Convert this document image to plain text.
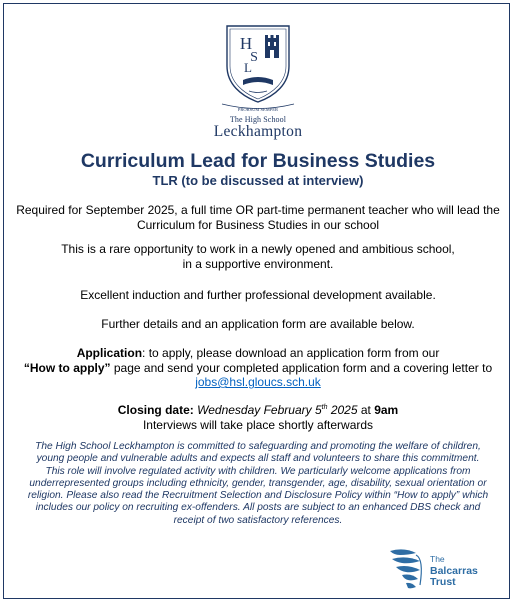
H
S
L
PRORSUM SEMPER
The High School
Leckhampton
Curriculum Lead for Business Studies
TLR (to be discussed at interview)
Required for September 2025, a full time OR part-time permanent teacher who will lead the
Curriculum for Business Studies in our school
This is a rare opportunity to work in a newly opened and ambitious school,
in a supportive environment.
Excellent induction and further professional development available.
Further details and an application form are available below.
Application: to apply, please download an application form from our
“How to apply” page and send your completed application form and a covering letter to
jobs@hsl.gloucs.sch.uk
Closing date: Wednesday February 5th 2025 at 9am
Interviews will take place shortly afterwards
The High School Leckhampton is committed to safeguarding and promoting the welfare of children,
young people and vulnerable adults and expects all staff and volunteers to share this commitment.
This role will involve regulated activity with children. We particularly welcome applications from
underrepresented groups including ethnicity, gender, transgender, age, disability, sexual orientation or
religion. Please also read the Recruitment Selection and Disclosure Policy within “How to apply” which
includes our policy on recruiting ex-offenders. All posts are subject to an enhanced DBS check and
receipt of two satisfactory references.
The
Balcarras
Trust
